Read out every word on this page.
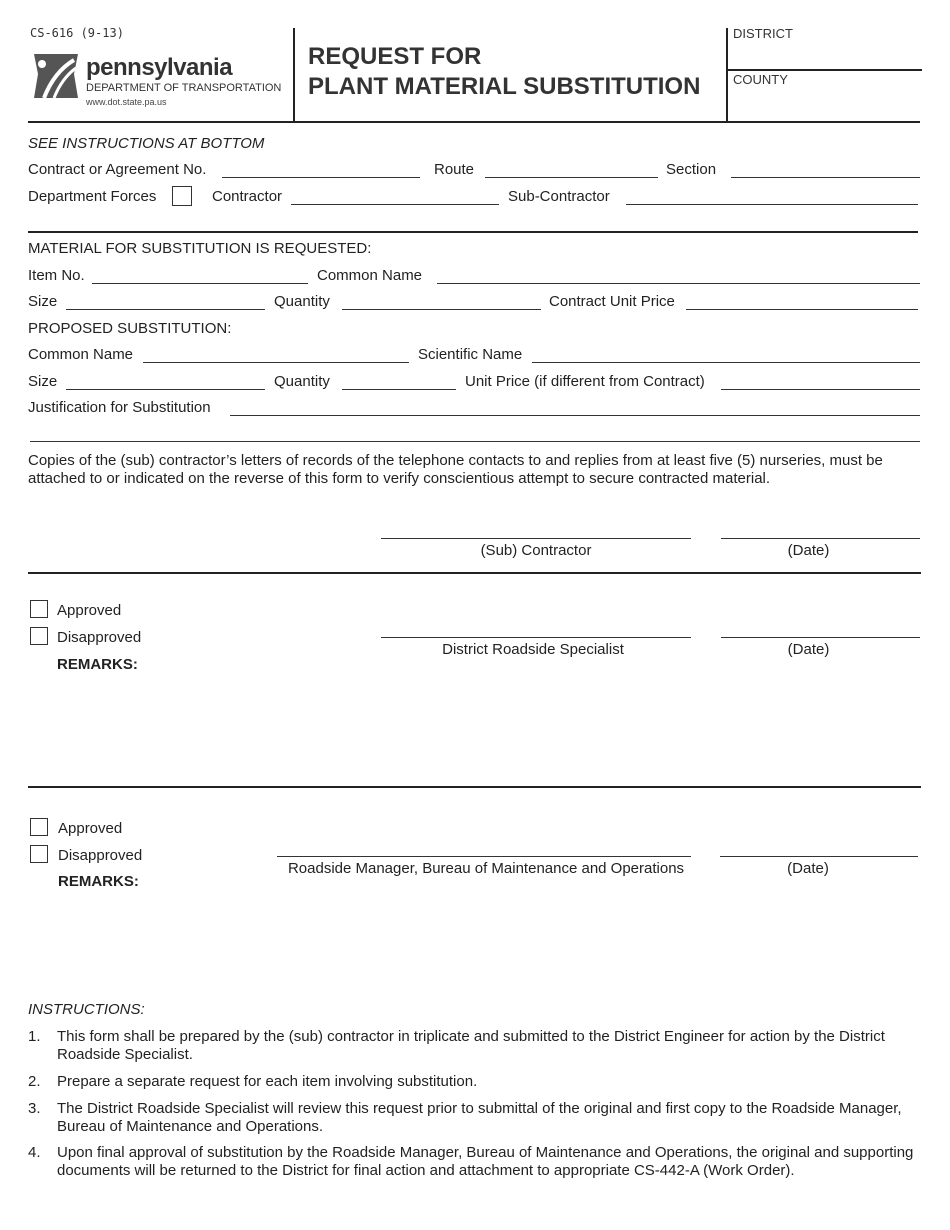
CS-616 (9-13)
pennsylvania
DEPARTMENT OF TRANSPORTATION
www.dot.state.pa.us
REQUEST FOR
PLANT MATERIAL SUBSTITUTION
DISTRICT
COUNTY
SEE INSTRUCTIONS AT BOTTOM
Contract or Agreement No.	Route	Section
Department Forces	Contractor	Sub-Contractor
MATERIAL FOR SUBSTITUTION IS REQUESTED:
Item No.	Common Name
Size	Quantity	Contract Unit Price
PROPOSED SUBSTITUTION:
Common Name	Scientific Name
Size	Quantity	Unit Price (if different from Contract)
Justification for Substitution
Copies of the (sub) contractor’s letters of records of the telephone contacts to and replies from at least five (5) nurseries, must be attached to or indicated on the reverse of this form to verify conscientious attempt to secure contracted material.
(Sub) Contractor	(Date)
Approved
Disapproved
REMARKS:
District Roadside Specialist	(Date)
Approved
Disapproved
REMARKS:
Roadside Manager, Bureau of Maintenance and Operations	(Date)
INSTRUCTIONS:
1. This form shall be prepared by the (sub) contractor in triplicate and submitted to the District Engineer for action by the District Roadside Specialist.
2. Prepare a separate request for each item involving substitution.
3. The District Roadside Specialist will review this request prior to submittal of the original and first copy to the Roadside Manager, Bureau of Maintenance and Operations.
4. Upon final approval of substitution by the Roadside Manager, Bureau of Maintenance and Operations, the original and supporting documents will be returned to the District for final action and attachment to appropriate CS-442-A (Work Order).
